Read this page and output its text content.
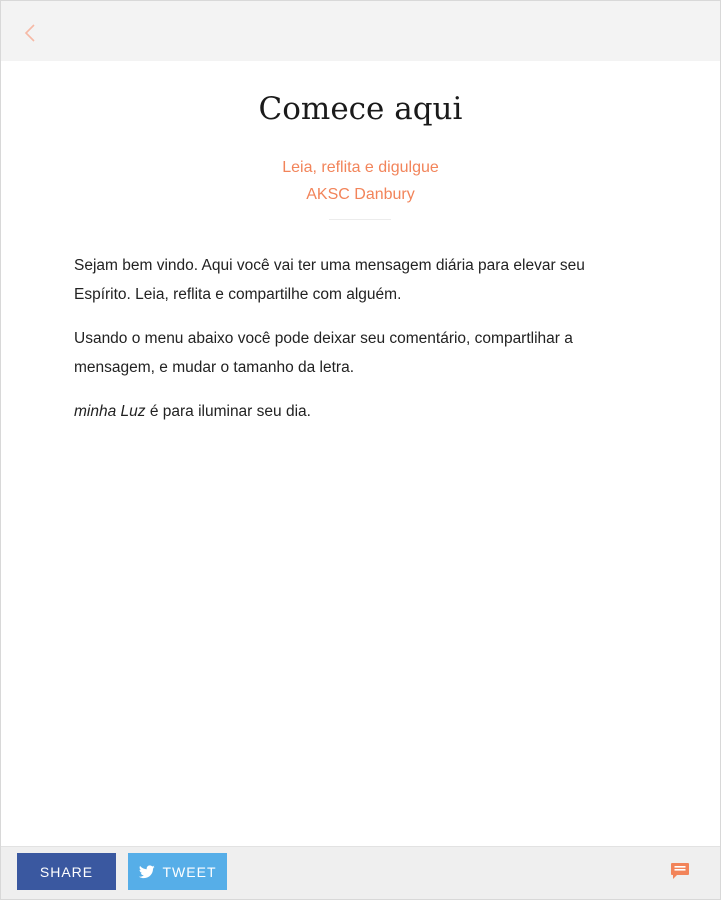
Comece aqui
Leia, reflita e digulgue
AKSC Danbury

Sejam bem vindo. Aqui você vai ter uma mensagem diária para elevar seu Espírito. Leia, reflita e compartilhe com alguém.

Usando o menu abaixo você pode deixar seu comentário, compartlihar a mensagem, e mudar o tamanho da letra.

minha Luz é para iluminar seu dia.

SHARE	TWEET
